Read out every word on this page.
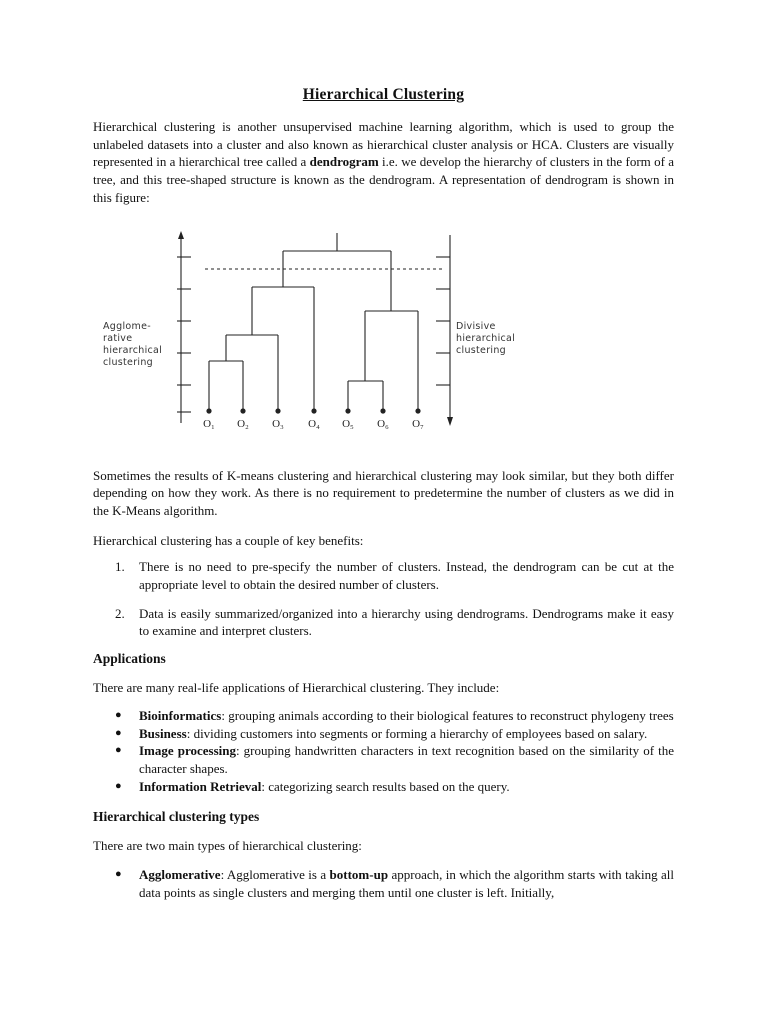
Hierarchical Clustering

Hierarchical clustering is another unsupervised machine learning algorithm, which is used to group the unlabeled datasets into a cluster and also known as hierarchical cluster analysis or HCA. Clusters are visually represented in a hierarchical tree called a dendrogram i.e. we develop the hierarchy of clusters in the form of a tree, and this tree-shaped structure is known as the dendrogram. A representation of dendrogram is shown in this figure:

O₁ O₂ O₃ O₄ O₅ O₆ O₇
Agglome-
rative
hierarchical
clustering
Divisive
hierarchical
clustering

Sometimes the results of K-means clustering and hierarchical clustering may look similar, but they both differ depending on how they work. As there is no requirement to predetermine the number of clusters as we did in the K-Means algorithm.

Hierarchical clustering has a couple of key benefits:

1. There is no need to pre-specify the number of clusters. Instead, the dendrogram can be cut at the appropriate level to obtain the desired number of clusters.
2. Data is easily summarized/organized into a hierarchy using dendrograms. Dendrograms make it easy to examine and interpret clusters.
Applications

There are many real-life applications of Hierarchical clustering. They include:

● Bioinformatics: grouping animals according to their biological features to reconstruct phylogeny trees
● Business: dividing customers into segments or forming a hierarchy of employees based on salary.
● Image processing: grouping handwritten characters in text recognition based on the similarity of the character shapes.
● Information Retrieval: categorizing search results based on the query.
Hierarchical clustering types

There are two main types of hierarchical clustering:

● Agglomerative: Agglomerative is a bottom-up approach, in which the algorithm starts with taking all data points as single clusters and merging them until one cluster is left. Initially,
